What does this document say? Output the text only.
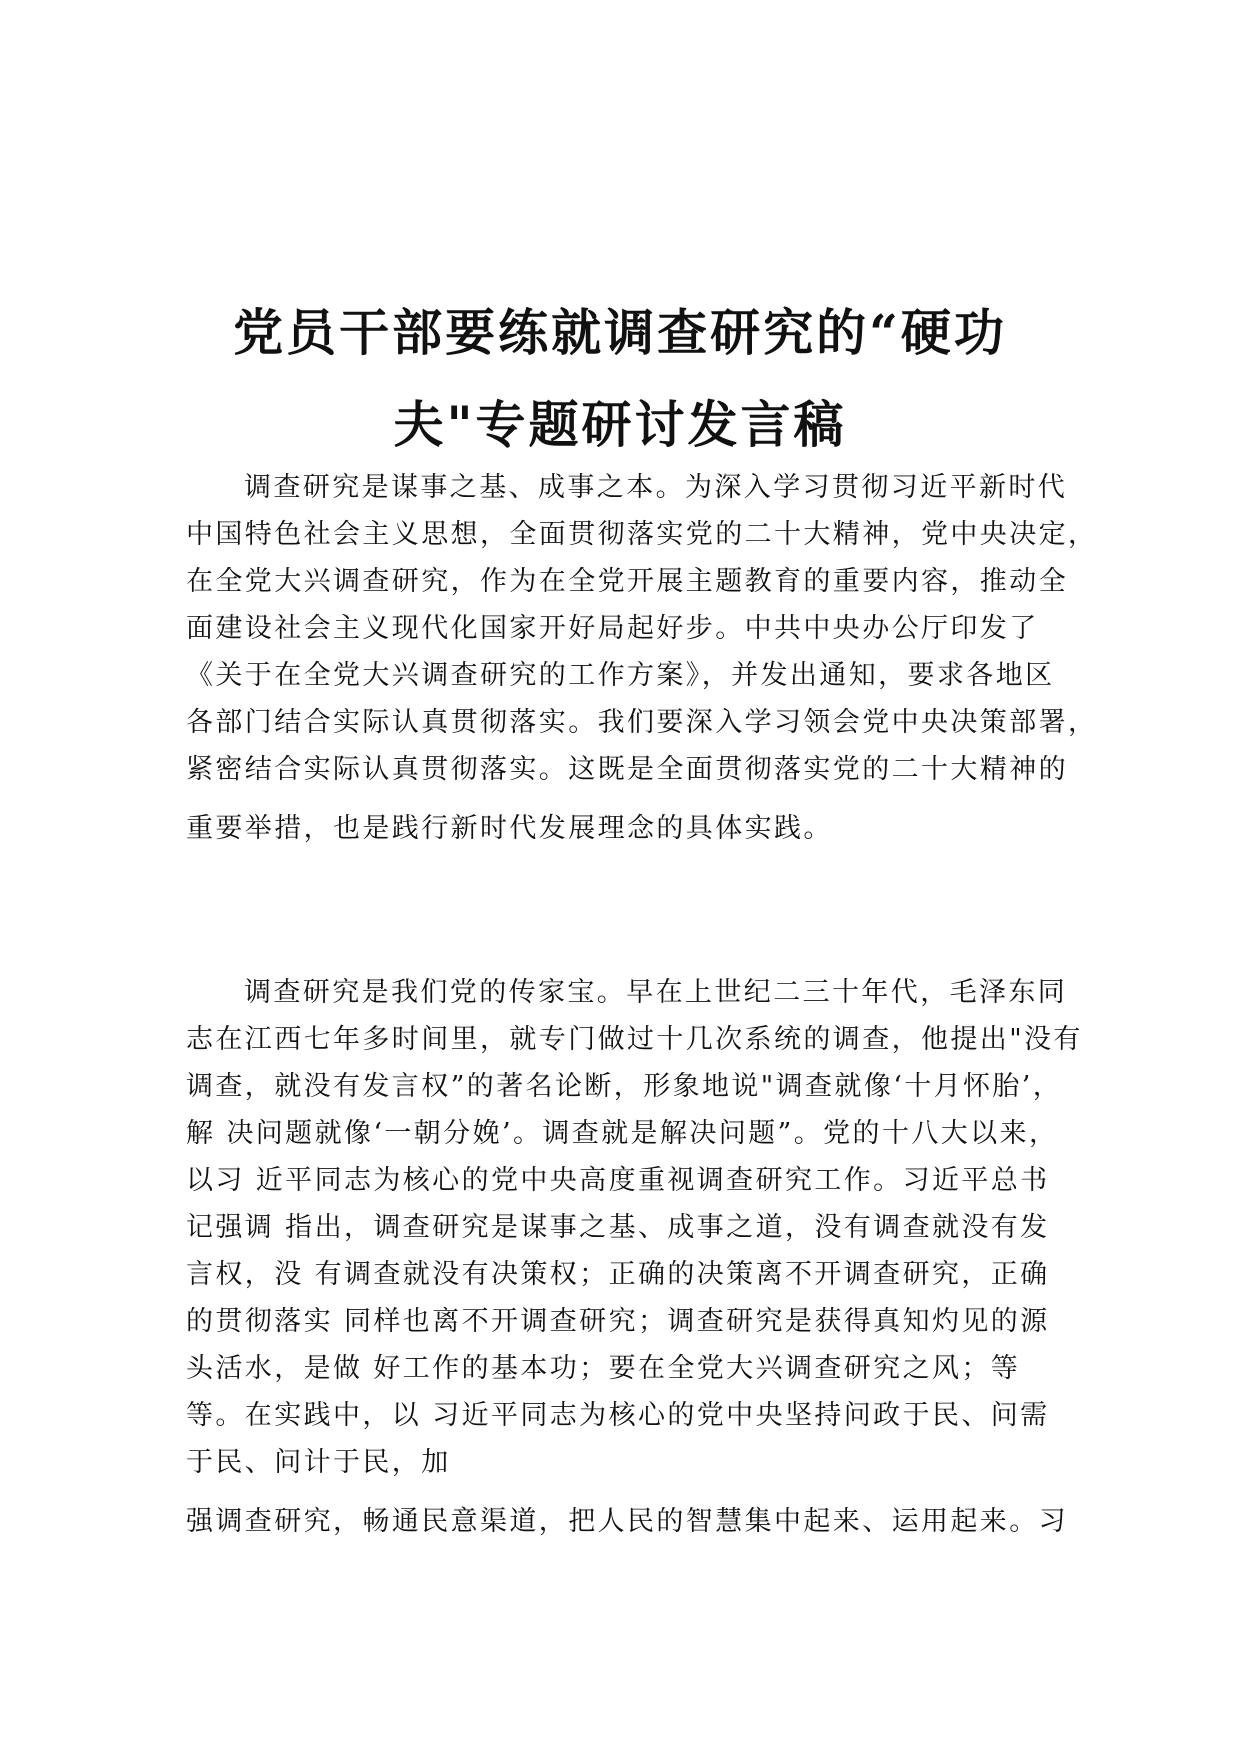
党员干部要练就调查研究的“硬功
夫"专题研讨发言稿
调查研究是谋事之基、成事之本。为深入学习贯彻习近平新时代
中国特色社会主义思想，全面贯彻落实党的二十大精神，党中央决定，
在全党大兴调查研究，作为在全党开展主题教育的重要内容，推动全
面建设社会主义现代化国家开好局起好步。中共中央办公厅印发了
《关于在全党大兴调查研究的工作方案》，并发出通知，要求各地区
各部门结合实际认真贯彻落实。我们要深入学习领会党中央决策部署，
紧密结合实际认真贯彻落实。这既是全面贯彻落实党的二十大精神的
重要举措，也是践行新时代发展理念的具体实践。
调查研究是我们党的传家宝。早在上世纪二三十年代，毛泽东同
志在江西七年多时间里，就专门做过十几次系统的调查，他提出"没有
调查，就没有发言权”的著名论断，形象地说"调查就像‘十月怀胎’，
解 决问题就像‘一朝分娩’。调查就是解决问题”。党的十八大以来，
以习 近平同志为核心的党中央高度重视调查研究工作。习近平总书
记强调 指出，调查研究是谋事之基、成事之道，没有调查就没有发
言权，没 有调查就没有决策权；正确的决策离不开调查研究，正确
的贯彻落实 同样也离不开调查研究；调查研究是获得真知灼见的源
头活水，是做 好工作的基本功；要在全党大兴调查研究之风；等
等。在实践中，以 习近平同志为核心的党中央坚持问政于民、问需
于民、问计于民，加
强调查研究，畅通民意渠道，把人民的智慧集中起来、运用起来。习
